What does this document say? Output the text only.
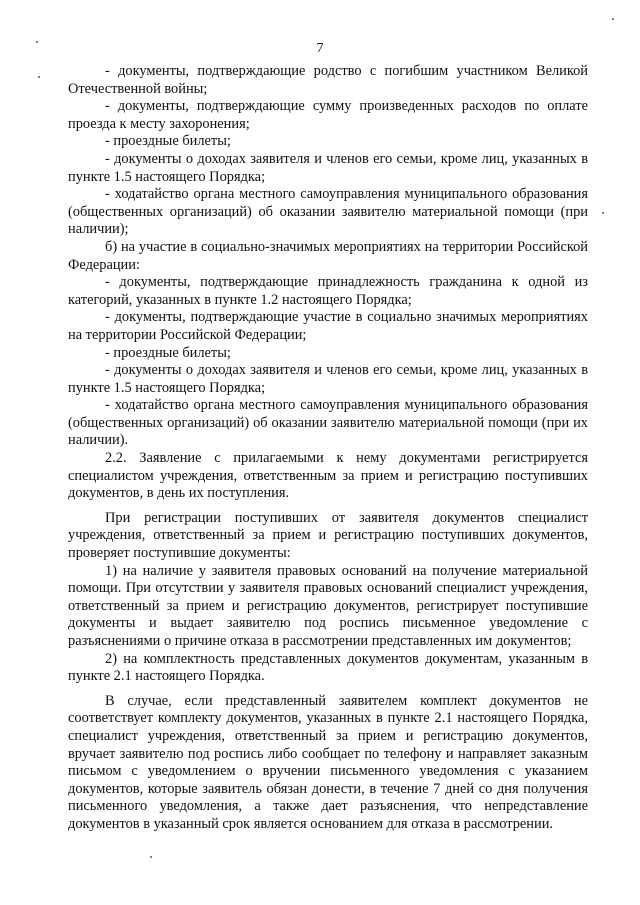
7

- документы, подтверждающие родство с погибшим участником Великой Отечественной войны;

- документы, подтверждающие сумму произведенных расходов по оплате проезда к месту захоронения;

- проездные билеты;

- документы о доходах заявителя и членов его семьи, кроме лиц, указанных в пункте 1.5 настоящего Порядка;

- ходатайство органа местного самоуправления муниципального образования (общественных организаций) об оказании заявителю материальной помощи (при наличии);

б) на участие в социально-значимых мероприятиях на территории Российской Федерации:

- документы, подтверждающие принадлежность гражданина к одной из категорий, указанных в пункте 1.2 настоящего Порядка;

- документы, подтверждающие участие в социально значимых мероприятиях на территории Российской Федерации;

- проездные билеты;

- документы о доходах заявителя и членов его семьи, кроме лиц, указанных в пункте 1.5 настоящего Порядка;

- ходатайство органа местного самоуправления муниципального образования (общественных организаций) об оказании заявителю материальной помощи (при их наличии).

2.2. Заявление с прилагаемыми к нему документами регистрируется специалистом учреждения, ответственным за прием и регистрацию поступивших документов, в день их поступления.

При регистрации поступивших от заявителя документов специалист учреждения, ответственный за прием и регистрацию поступивших документов, проверяет поступившие документы:

1) на наличие у заявителя правовых оснований на получение материальной помощи. При отсутствии у заявителя правовых оснований специалист учреждения, ответственный за прием и регистрацию документов, регистрирует поступившие документы и выдает заявителю под роспись письменное уведомление с разъяснениями о причине отказа в рассмотрении представленных им документов;

2) на комплектность представленных документов документам, указанным в пункте 2.1 настоящего Порядка.

В случае, если представленный заявителем комплект документов не соответствует комплекту документов, указанных в пункте 2.1 настоящего Порядка, специалист учреждения, ответственный за прием и регистрацию документов, вручает заявителю под роспись либо сообщает по телефону и направляет заказным письмом с уведомлением о вручении письменного уведомления с указанием документов, которые заявитель обязан донести, в течение 7 дней со дня получения письменного уведомления, а также дает разъяснения, что непредставление документов в указанный срок является основанием для отказа в рассмотрении.
